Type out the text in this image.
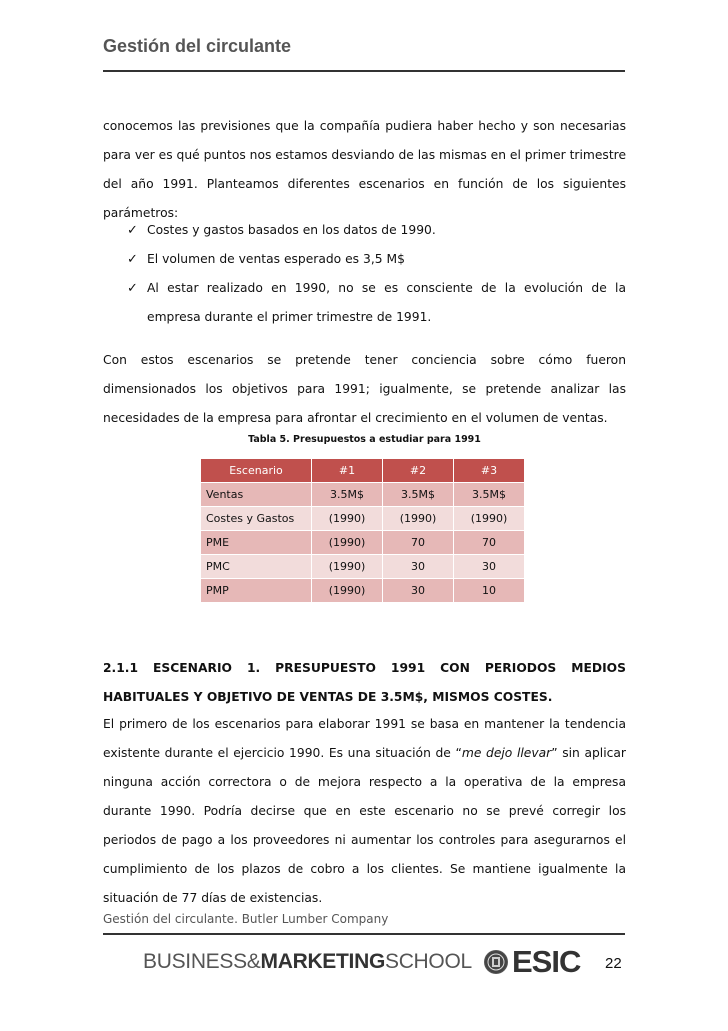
Gestión del circulante

conocemos las previsiones que la compañía pudiera haber hecho y son necesarias para ver es qué puntos nos estamos desviando de las mismas en el primer trimestre del año 1991. Planteamos diferentes escenarios en función de los siguientes parámetros:

✓ Costes y gastos basados en los datos de 1990.
✓ El volumen de ventas esperado es 3,5 M$
✓ Al estar realizado en 1990, no se es consciente de la evolución de la empresa durante el primer trimestre de 1991.

Con estos escenarios se pretende tener conciencia sobre cómo fueron dimensionados los objetivos para 1991; igualmente, se pretende analizar las necesidades de la empresa para afrontar el crecimiento en el volumen de ventas.

Tabla 5. Presupuestos a estudiar para 1991
Escenario	#1	#2	#3
Ventas	3.5M$	3.5M$	3.5M$
Costes y Gastos	(1990)	(1990)	(1990)
PME	(1990)	70	70
PMC	(1990)	30	30
PMP	(1990)	30	10
2.1.1 ESCENARIO 1. PRESUPUESTO 1991 CON PERIODOS MEDIOS HABITUALES Y OBJETIVO DE VENTAS DE 3.5M$, MISMOS COSTES.

El primero de los escenarios para elaborar 1991 se basa en mantener la tendencia existente durante el ejercicio 1990. Es una situación de “me dejo llevar” sin aplicar ninguna acción correctora o de mejora respecto a la operativa de la empresa durante 1990. Podría decirse que en este escenario no se prevé corregir los periodos de pago a los proveedores ni aumentar los controles para asegurarnos el cumplimiento de los plazos de cobro a los clientes. Se mantiene igualmente la situación de 77 días de existencias.

Gestión del circulante. Butler Lumber Company
BUSINESS&MARKETINGSCHOOL ESIC 22
